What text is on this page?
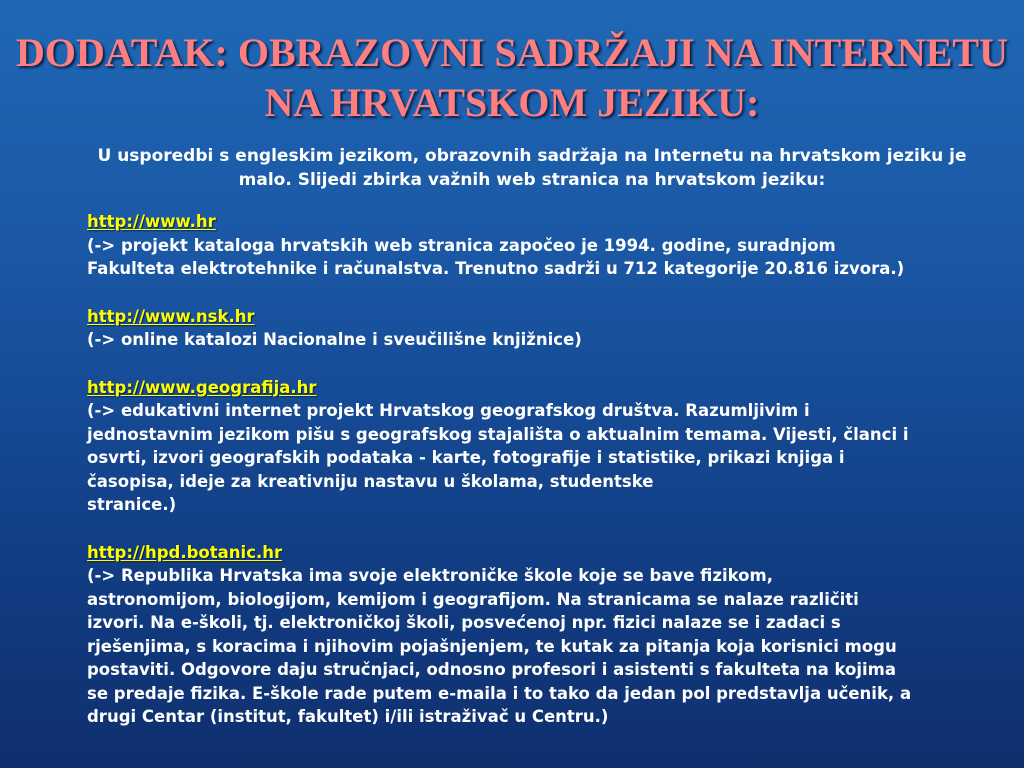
DODATAK: OBRAZOVNI SADRŽAJI NA INTERNETU NA HRVATSKOM JEZIKU:
U usporedbi s engleskim jezikom, obrazovnih sadržaja na Internetu na hrvatskom jeziku je malo. Slijedi zbirka važnih web stranica na hrvatskom jeziku:
http://www.hr
(-> projekt kataloga hrvatskih web stranica započeo je 1994. godine, suradnjom
Fakulteta elektrotehnike i računalstva. Trenutno sadrži u 712 kategorije 20.816 izvora.)
http://www.nsk.hr
(-> online katalozi Nacionalne i sveučilišne knjižnice)
http://www.geografija.hr
(-> edukativni internet projekt Hrvatskog geografskog društva. Razumljivim i
jednostavnim jezikom pišu s geografskog stajališta o aktualnim temama. Vijesti, članci i
osvrti, izvori geografskih podataka - karte, fotografije i statistike, prikazi knjiga i
časopisa, ideje za kreativniju nastavu u školama, studentske
stranice.)
http://hpd.botanic.hr
(-> Republika Hrvatska ima svoje elektroničke škole koje se bave fizikom,
astronomijom, biologijom, kemijom i geografijom. Na stranicama se nalaze različiti
izvori. Na e-školi, tj. elektroničkoj školi, posvećenoj npr. fizici nalaze se i zadaci s
rješenjima, s koracima i njihovim pojašnjenjem, te kutak za pitanja koja korisnici mogu
postaviti. Odgovore daju stručnjaci, odnosno profesori i asistenti s fakulteta na kojima
se predaje fizika. E-škole rade putem e-maila i to tako da jedan pol predstavlja učenik, a
drugi Centar (institut, fakultet) i/ili istraživač u Centru.)
